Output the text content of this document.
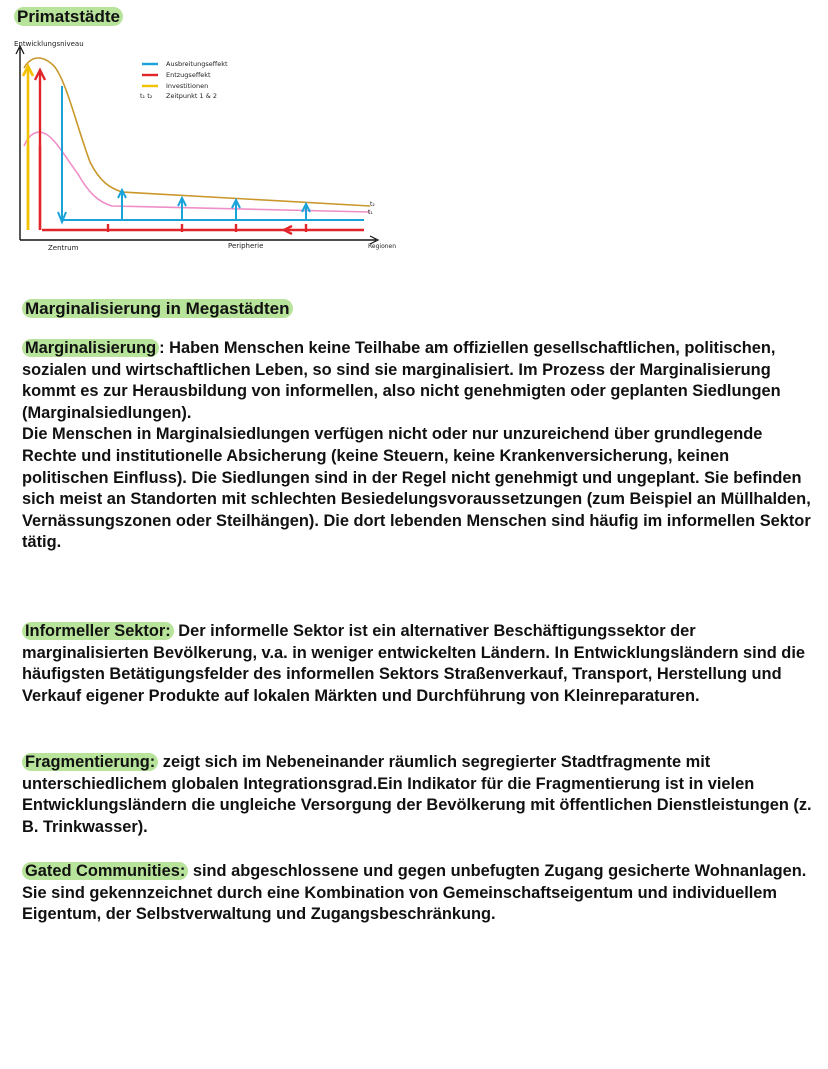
Primatstädte
Entwicklungsniveau
Regionen
Zentrum	Peripherie
t₂
t₁
Ausbreitungseffekt
Entzugseffekt
Investitionen
t₁ t₂ Zeitpunkt 1 & 2
Marginalisierung in Megastädten
Marginalisierung : Haben Menschen keine Teilhabe am offiziellen gesellschaftlichen, politischen, sozialen und wirtschaftlichen Leben, so sind sie marginalisiert. Im Prozess der Marginalisierung kommt es zur Herausbildung von informellen, also nicht genehmigten oder geplanten Siedlungen (Marginalsiedlungen).
Die Menschen in Marginalsiedlungen verfügen nicht oder nur unzureichend über grundlegende Rechte und institutionelle Absicherung (keine Steuern, keine Krankenversicherung, keinen politischen Einfluss). Die Siedlungen sind in der Regel nicht genehmigt und ungeplant. Sie befinden sich meist an Standorten mit schlechten Besiedelungsvoraussetzungen (zum Beispiel an Müllhalden, Vernässungszonen oder Steilhängen). Die dort lebenden Menschen sind häufig im informellen Sektor tätig.
Informeller Sektor: Der informelle Sektor ist ein alternativer Beschäftigungssektor der marginalisierten Bevölkerung, v.a. in weniger entwickelten Ländern. In Entwicklungsländern sind die häufigsten Betätigungsfelder des informellen Sektors Straßenverkauf, Transport, Herstellung und Verkauf eigener Produkte auf lokalen Märkten und Durchführung von Kleinreparaturen.
Fragmentierung: zeigt sich im Nebeneinander räumlich segregierter Stadtfragmente mit unterschiedlichem globalen Integrationsgrad.Ein Indikator für die Fragmentierung ist in vielen Entwicklungsländern die ungleiche Versorgung der Bevölkerung mit öffentlichen Dienstleistungen (z. B. Trinkwasser).
Gated Communities: sind abgeschlossene und gegen unbefugten Zugang gesicherte Wohnanlagen. Sie sind gekennzeichnet durch eine Kombination von Gemeinschaftseigentum und individuellem Eigentum, der Selbstverwaltung und Zugangsbeschränkung.
